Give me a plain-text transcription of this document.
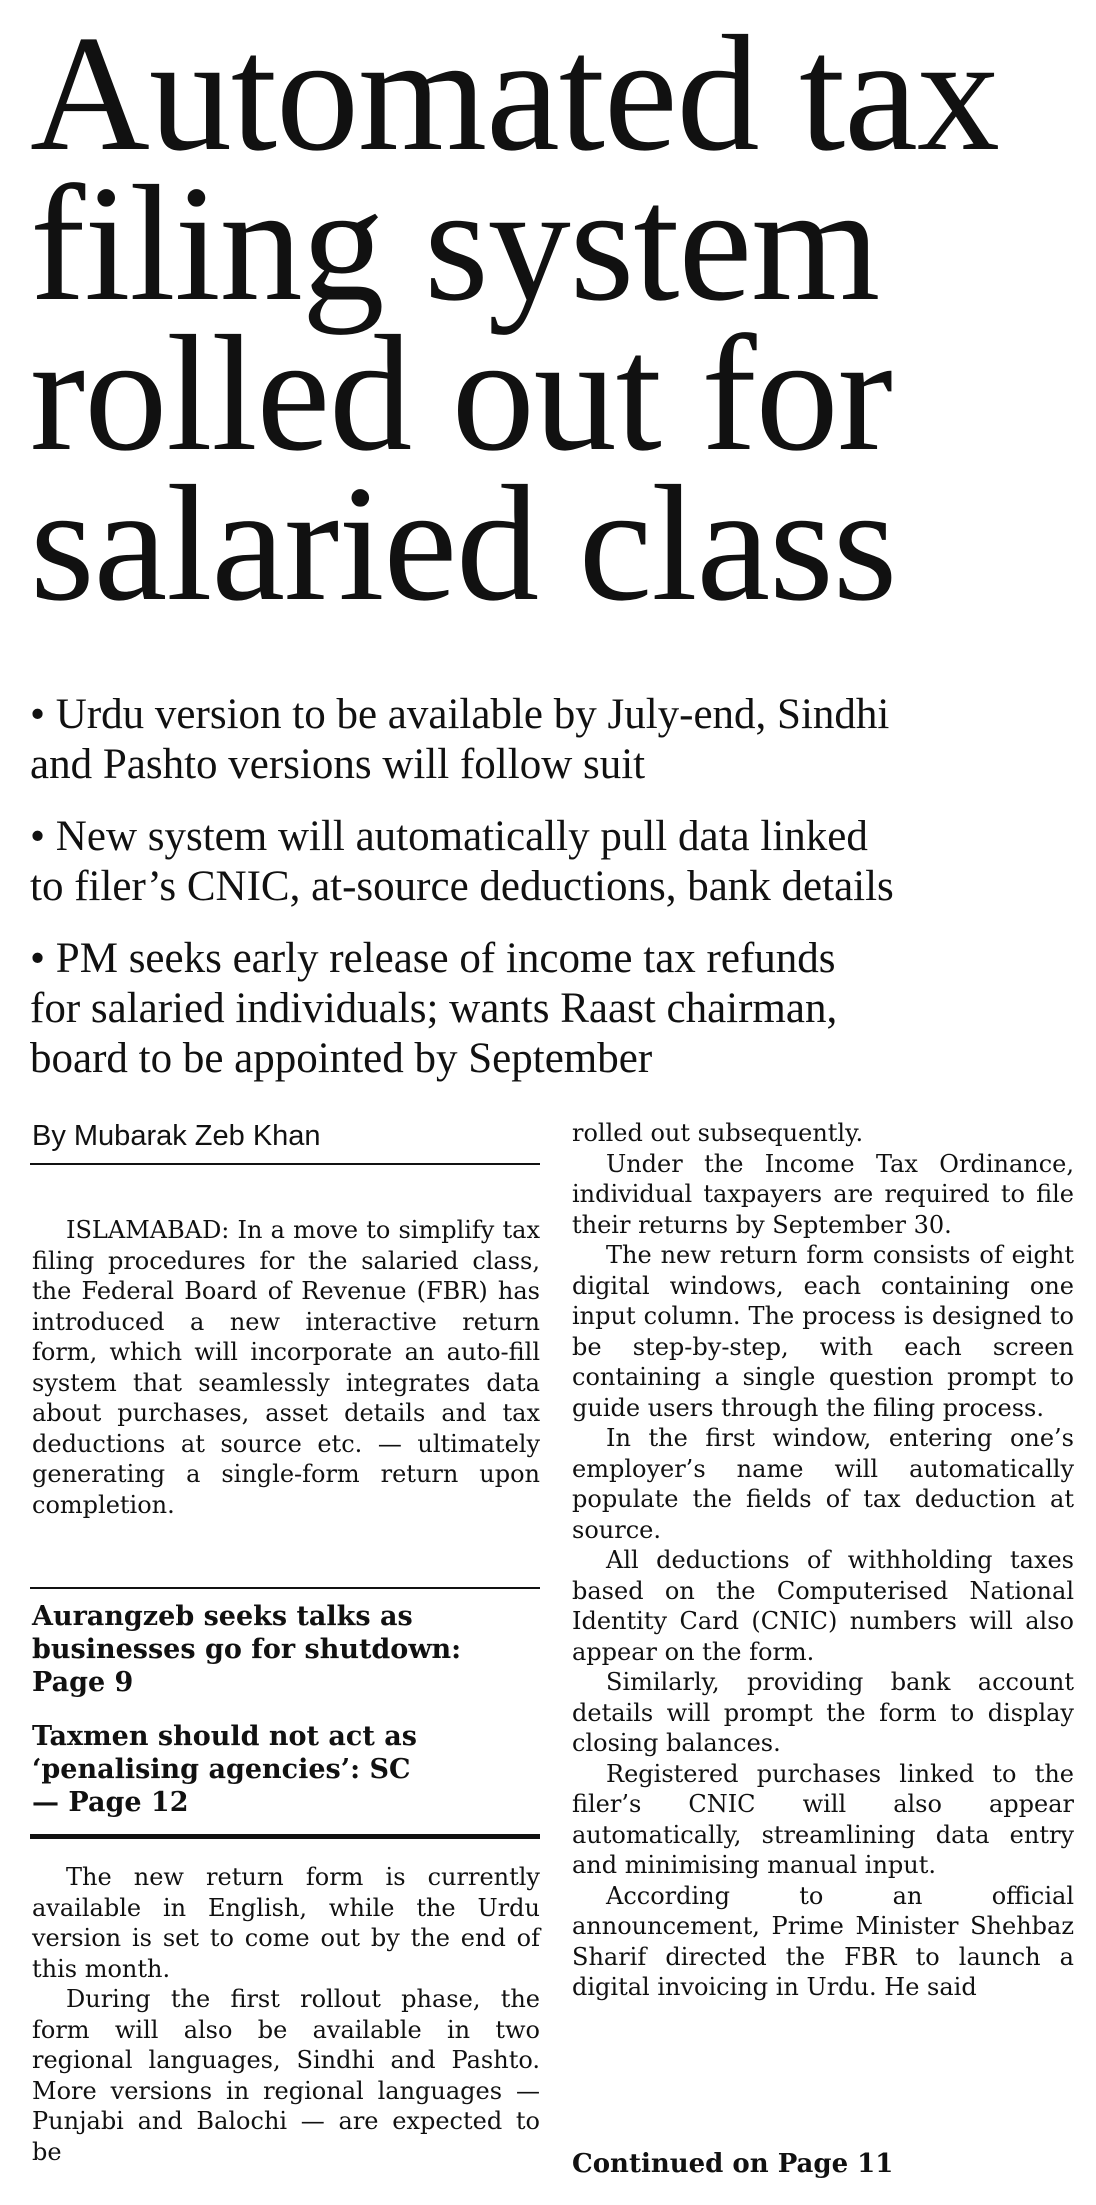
Automated tax
filing system
rolled out for
salaried class
• Urdu version to be available by July-end, Sindhi
and Pashto versions will follow suit
• New system will automatically pull data linked
to filer’s CNIC, at-source deductions, bank details
• PM seeks early release of income tax refunds
for salaried individuals; wants Raast chairman,
board to be appointed by September
By Mubarak Zeb Khan

ISLAMABAD: In a move to simplify tax filing procedures for the salaried class, the Federal Board of Revenue (FBR) has introduced a new interactive return form, which will incorporate an auto-fill system that seamlessly integrates data about purchases, asset details and tax deductions at source etc. — ultimately generating a single-form return upon completion.

Aurangzeb seeks talks as
businesses go for shutdown:
Page 9
Taxmen should not act as
‘penalising agencies’: SC
— Page 12

The new return form is currently available in English, while the Urdu version is set to come out by the end of this month.

During the first rollout phase, the form will also be available in two regional languages, Sindhi and Pashto. More versions in regional languages — Punjabi and Balochi — are expected to be

rolled out subsequently.

Under the Income Tax Ordinance, individual taxpayers are required to file their returns by September 30.

The new return form consists of eight digital windows, each containing one input column. The process is designed to be step-by-step, with each screen containing a single question prompt to guide users through the filing process.

In the first window, entering one’s employer’s name will automatically populate the fields of tax deduction at source.

All deductions of withholding taxes based on the Computerised National Identity Card (CNIC) numbers will also appear on the form.

Similarly, providing bank account details will prompt the form to display closing balances.

Registered purchases linked to the filer’s CNIC will also appear automatically, streamlining data entry and minimising manual input.

According to an official announcement, Prime Minister Shehbaz Sharif directed the FBR to launch a digital invoicing in Urdu. He said

Continued on Page 11
